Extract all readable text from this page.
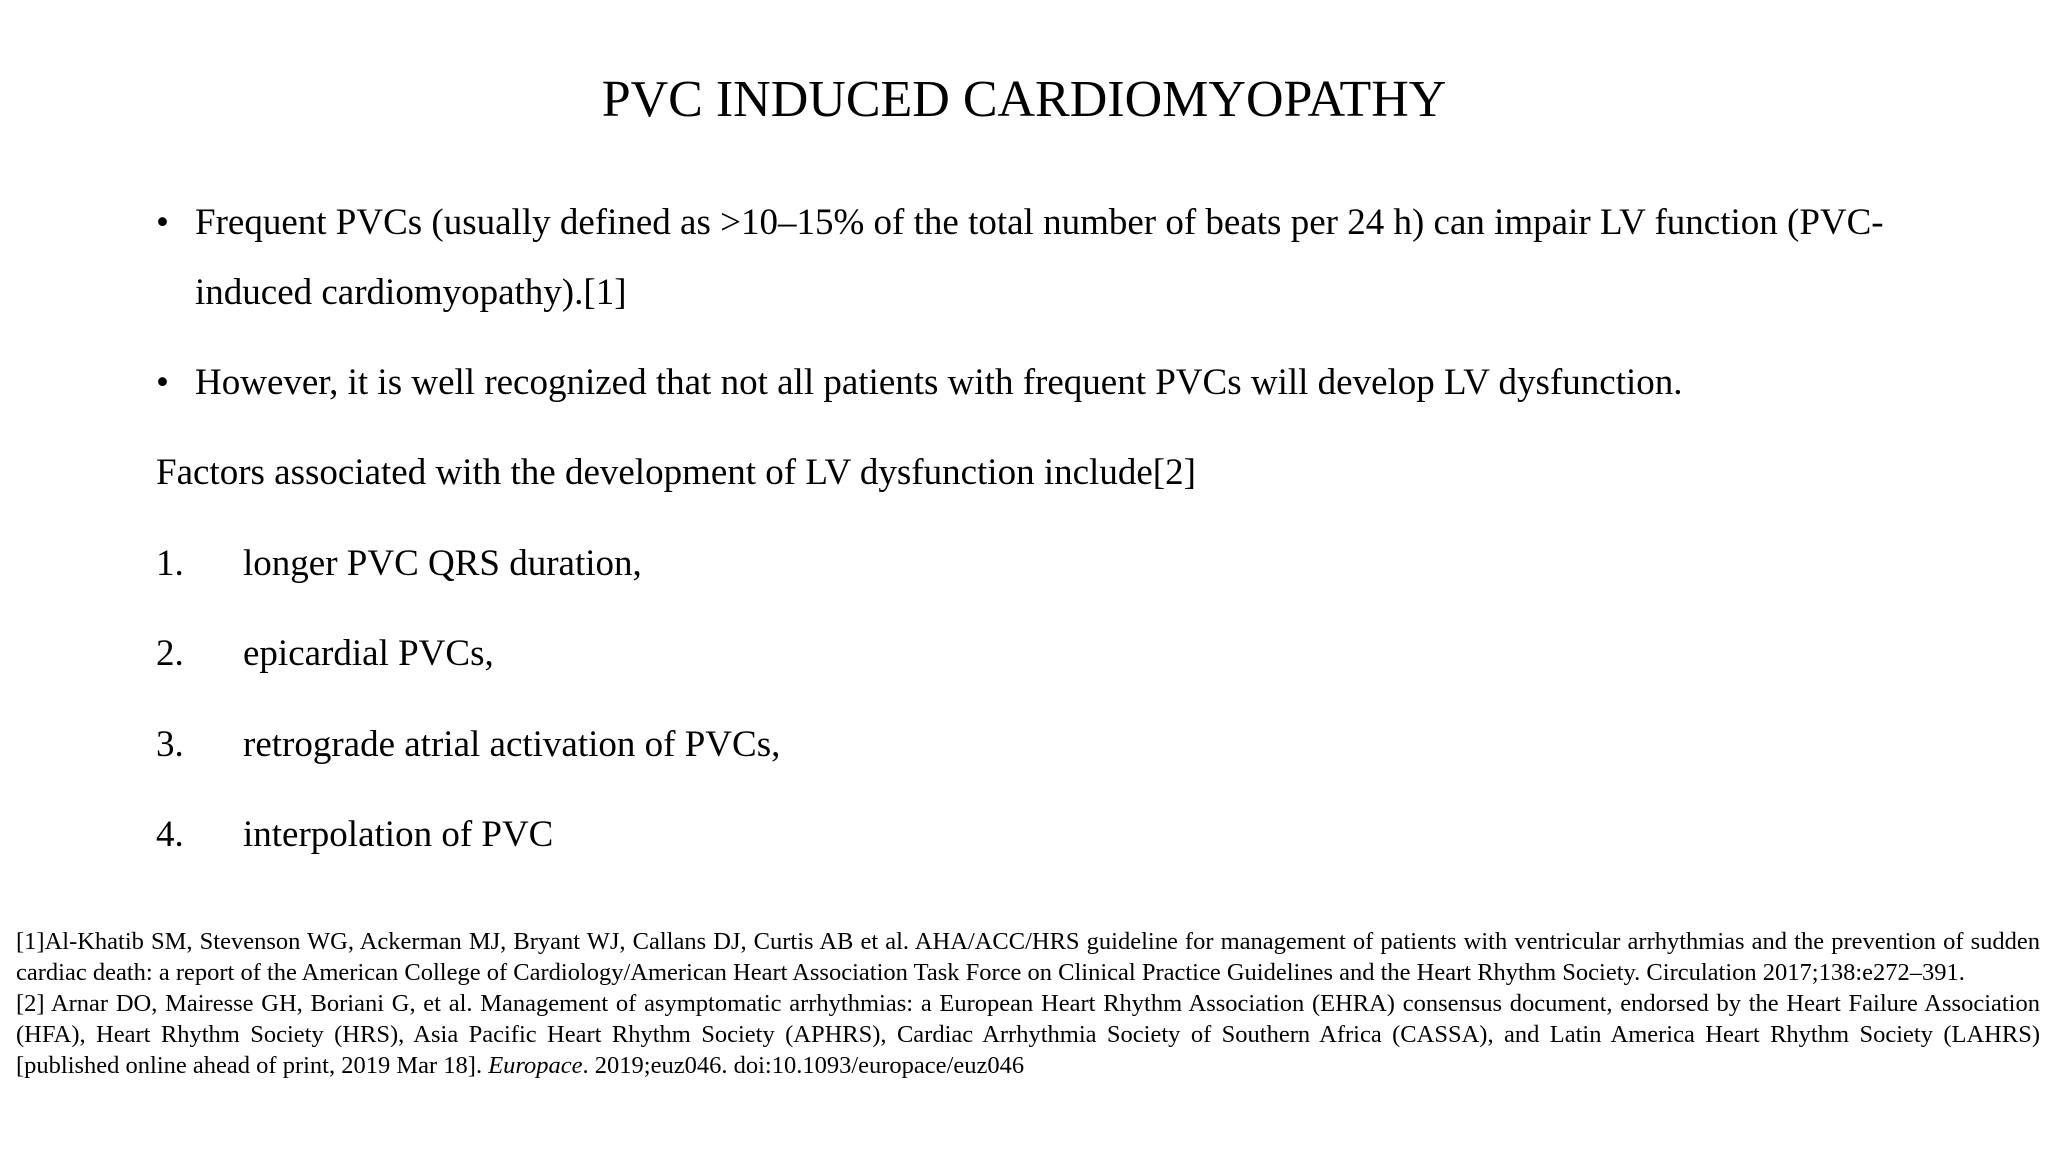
PVC INDUCED CARDIOMYOPATHY
• Frequent PVCs (usually defined as >10–15% of the total number of beats per 24 h) can impair LV function (PVC-induced cardiomyopathy).[1]
• However, it is well recognized that not all patients with frequent PVCs will develop LV dysfunction.
Factors associated with the development of LV dysfunction include[2]
1. longer PVC QRS duration,
2. epicardial PVCs,
3. retrograde atrial activation of PVCs,
4. interpolation of PVC

[1]Al-Khatib SM, Stevenson WG, Ackerman MJ, Bryant WJ, Callans DJ, Curtis AB et al. AHA/ACC/HRS guideline for management of patients with ventricular arrhythmias and the prevention of sudden cardiac death: a report of the American College of Cardiology/American Heart Association Task Force on Clinical Practice Guidelines and the Heart Rhythm Society. Circulation 2017;138:e272–391.

[2] Arnar DO, Mairesse GH, Boriani G, et al. Management of asymptomatic arrhythmias: a European Heart Rhythm Association (EHRA) consensus document, endorsed by the Heart Failure Association (HFA), Heart Rhythm Society (HRS), Asia Pacific Heart Rhythm Society (APHRS), Cardiac Arrhythmia Society of Southern Africa (CASSA), and Latin America Heart Rhythm Society (LAHRS) [published online ahead of print, 2019 Mar 18]. Europace. 2019;euz046. doi:10.1093/europace/euz046
